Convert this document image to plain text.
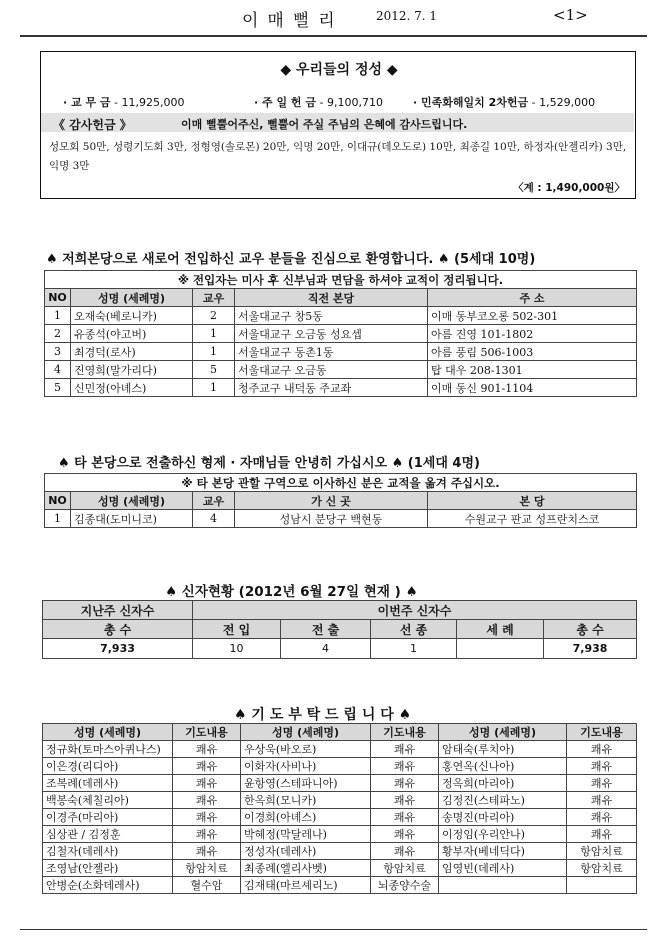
이매뻘리	2012. 7. 1	<1>
◆ 우리들의 정성 ◆
· 교 무 금 - 11,925,000	· 주 일 헌 금 - 9,100,710	· 민족화해일치 2차헌금 - 1,529,000
《 감사헌금 》	이매 뻘뿔어주신, 뻘뿔어 주실 주님의 은혜에 감사드립니다.
성모회 50만, 성령기도회 3만, 정형영(솔로몬) 20만, 익명 20만, 이대규(데오도로) 10만, 최종길 10만, 하정자(안젤리카) 3만, 익명 3만
〈계 : 1,490,000원〉
♠ 저희본당으로 새로어 전입하신 교우 분들을 진심으로 환영합니다. ♠ (5세대 10명)
※ 전입자는 미사 후 신부님과 면담을 하셔야 교적이 정리됩니다.				
NO	성명 (세례명)	교우	직전 본당	주 소
1	오재숙(베로니카)	2	서울대교구 창5동	이매 동부코오롱 502-301
2	유종석(야고버)	1	서울대교구 오금동 성요셉	아름 진영 101-1802
3	최경덕(로사)	1	서울대교구 동촌1동	아름 풍림 506-1003
4	진영희(말가리다)	5	서울대교구 오금동	탑 대우 208-1301
5	신민정(아녜스)	1	청주교구 내덕동 주교좌	이매 동신 901-1104
♠ 타 본당으로 전출하신 형제 · 자매님들 안녕히 가십시오 ♠ (1세대 4명)
※ 타 본당 관할 구역으로 이사하신 분은 교적을 옮겨 주십시오.				
NO	성명 (세례명)	교우	가 신 곳	본 당
1	김종대(도미니코)	4	성남시 분당구 백현동	수원교구 판교 성프란치스코
♠ 신자현황 (2012년 6월 27일 현재 ) ♠
지난주 신자수	이번주 신자수				
총 수	전 입	전 출	선 종	세 례	총 수
7,933	10	4	1		7,938
♠ 기 도 부 탁 드 립 니 다 ♠
성명 (세례명)	기도내용	성명 (세례명)	기도내용	성명 (세례명)	기도내용
정규화(토마스아퀴나스)	쾌유	우상욱(바오로)	쾌유	암태숙(루치아)	쾌유
이은경(리디아)	쾌유	이화자(사비나)	쾌유	홍연옥(신나아)	쾌유
조복례(데레사)	쾌유	윤항영(스테파니아)	쾌유	정옥희(마리아)	쾌유
백봉숙(체칠리아)	쾌유	한옥희(모니카)	쾌유	김정진(스테파노)	쾌유
이경주(마리아)	쾌유	이경희(아녜스)	쾌유	송명진(마리아)	쾌유
심상관 / 김정훈	쾌유	박혜정(막달레나)	쾌유	이정임(우리안나)	쾌유
김철자(데레사)	쾌유	정성자(데레사)	쾌유	황부자(베네딕다)	항암치료
조영남(안젤라)	항암치료	최종례(엘리사벳)	항암치료	임영빈(데레사)	항암치료
안병순(소화데레사)	혈수암	김재태(마르셰리노)	뇌종양수술		
